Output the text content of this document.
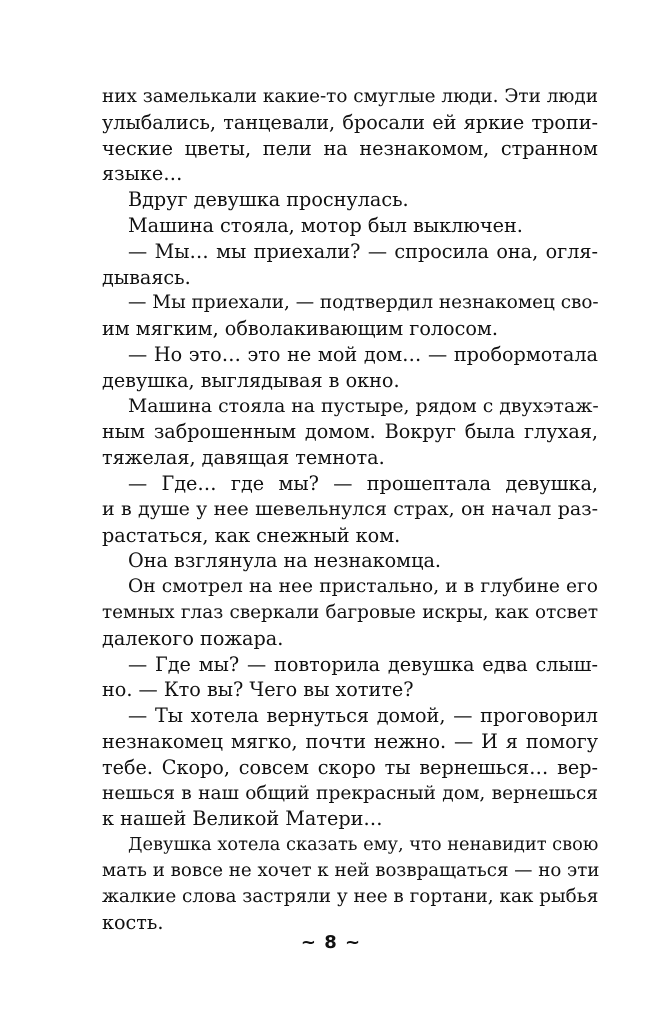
них замелькали какие-то смуглые люди. Эти люди
улыбались, танцевали, бросали ей яркие тропи-
ческие цветы, пели на незнакомом, странном
языке…
Вдруг девушка проснулась.
Машина стояла, мотор был выключен.
— Мы… мы приехали? — спросила она, огля-
дываясь.
— Мы приехали, — подтвердил незнакомец сво-
им мягким, обволакивающим голосом.
— Но это… это не мой дом… — пробормотала
девушка, выглядывая в окно.
Машина стояла на пустыре, рядом с двухэтаж-
ным заброшенным домом. Вокруг была глухая,
тяжелая, давящая темнота.
— Где… где мы? — прошептала девушка,
и в душе у нее шевельнулся страх, он начал раз-
растаться, как снежный ком.
Она взглянула на незнакомца.
Он смотрел на нее пристально, и в глубине его
темных глаз сверкали багровые искры, как отсвет
далекого пожара.
— Где мы? — повторила девушка едва слыш-
но. — Кто вы? Чего вы хотите?
— Ты хотела вернуться домой, — проговорил
незнакомец мягко, почти нежно. — И я помогу
тебе. Скоро, совсем скоро ты вернешься… вер-
нешься в наш общий прекрасный дом, вернешься
к нашей Великой Матери…
Девушка хотела сказать ему, что ненавидит свою
мать и вовсе не хочет к ней возвращаться — но эти
жалкие слова застряли у нее в гортани, как рыбья
кость.
~ 8 ~
